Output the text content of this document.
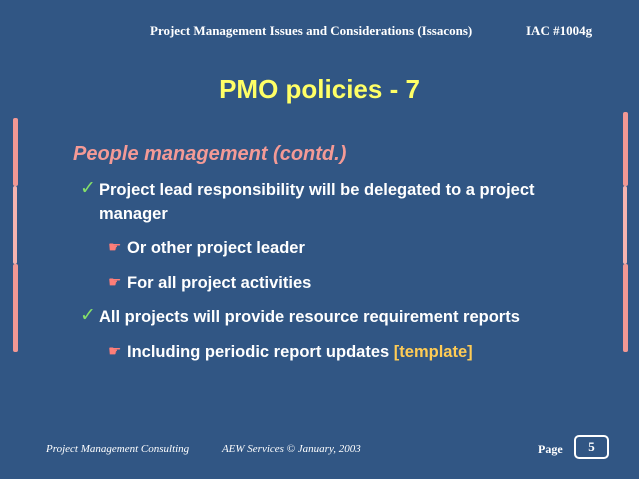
Project Management Issues and Considerations (Issacons)	IAC #1004g
PMO policies - 7
People management (contd.)
✓ Project lead responsibility will be delegated to a project
manager
☛ Or other project leader
☛ For all project activities
✓ All projects will provide resource requirement reports
☛ Including periodic report updates [template]
Project Management Consulting	AEW Services © January, 2003	Page	5
